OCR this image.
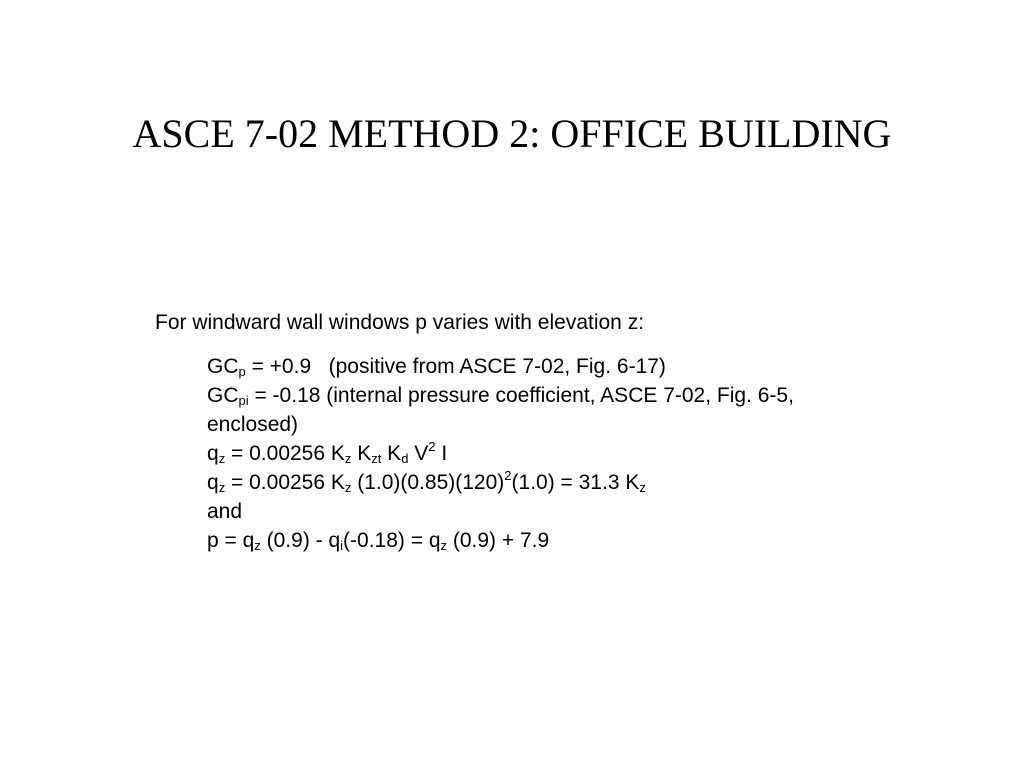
ASCE 7-02 METHOD 2: OFFICE BUILDING
For windward wall windows p varies with elevation z:
$GC_p = +0.9$   (positive from ASCE 7-02, Fig. 6-17)
$GC_{pi} = -0.18$ (internal pressure coefficient, ASCE 7-02, Fig. 6-5,
enclosed)
$q_z = 0.00256$ $K_z$ $K_{zt}$ $K_d$ $V^2$ I
$q_z = 0.00256$ $K_z$ $(1.0)(0.85)(120)^2(1.0) = 31.3$ $K_z$
and
$p = q_z$ $(0.9) - q_i(-0.18) = q_z$ (0.9) + 7.9
